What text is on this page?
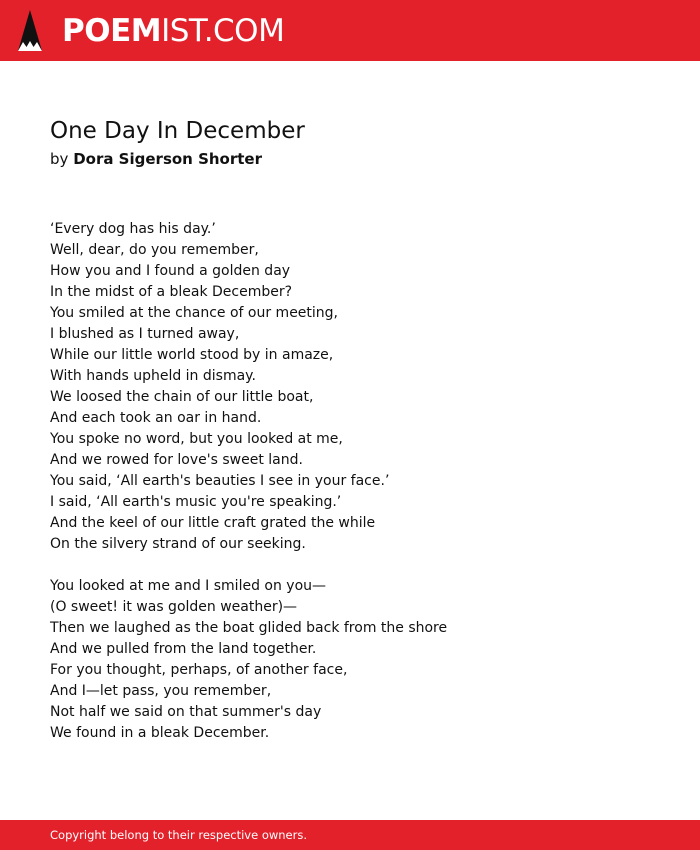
POEMIST.COM
One Day In December
by Dora Sigerson Shorter
‘Every dog has his day.’
Well, dear, do you remember,
How you and I found a golden day
In the midst of a bleak December?
You smiled at the chance of our meeting,
I blushed as I turned away,
While our little world stood by in amaze,
With hands upheld in dismay.
We loosed the chain of our little boat,
And each took an oar in hand.
You spoke no word, but you looked at me,
And we rowed for love's sweet land.
You said, ‘All earth's beauties I see in your face.’
I said, ‘All earth's music you're speaking.’
And the keel of our little craft grated the while
On the silvery strand of our seeking.
You looked at me and I smiled on you—
(O sweet! it was golden weather)—
Then we laughed as the boat glided back from the shore
And we pulled from the land together.
For you thought, perhaps, of another face,
And I—let pass, you remember,
Not half we said on that summer's day
We found in a bleak December.
Copyright belong to their respective owners.
